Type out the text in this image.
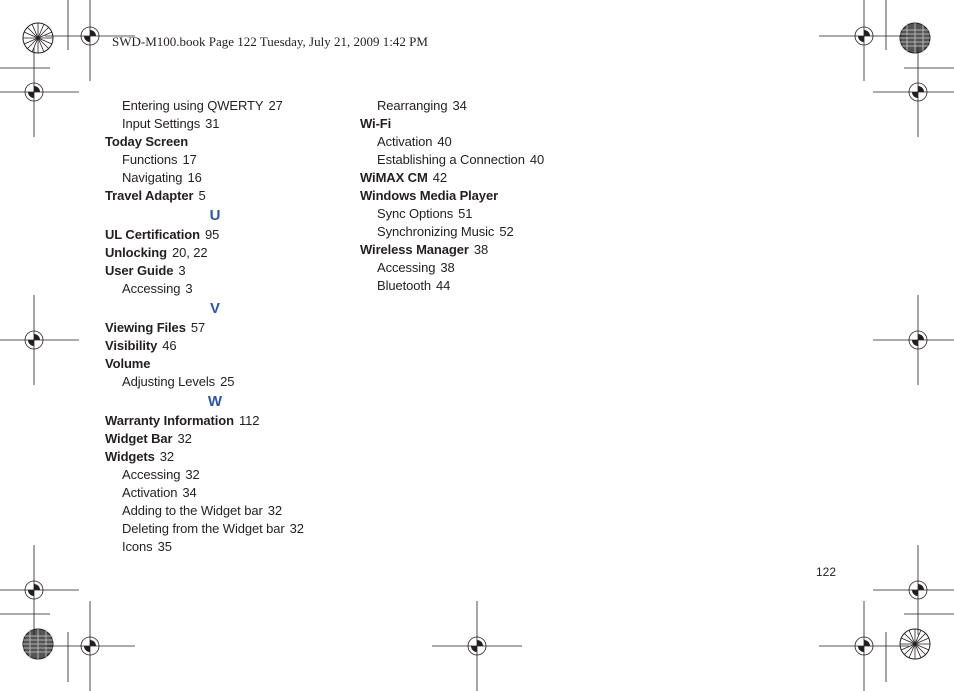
SWD-M100.book Page 122 Tuesday, July 21, 2009 1:42 PM
Entering using QWERTY 27
Input Settings 31
Today Screen
Functions 17
Navigating 16
Travel Adapter 5
U
UL Certification 95
Unlocking 20, 22
User Guide 3
Accessing 3
V
Viewing Files 57
Visibility 46
Volume
Adjusting Levels 25
W
Warranty Information 112
Widget Bar 32
Widgets 32
Accessing 32
Activation 34
Adding to the Widget bar 32
Deleting from the Widget bar 32
Icons 35
Rearranging 34
Wi-Fi
Activation 40
Establishing a Connection 40
WiMAX CM 42
Windows Media Player
Sync Options 51
Synchronizing Music 52
Wireless Manager 38
Accessing 38
Bluetooth 44
122
